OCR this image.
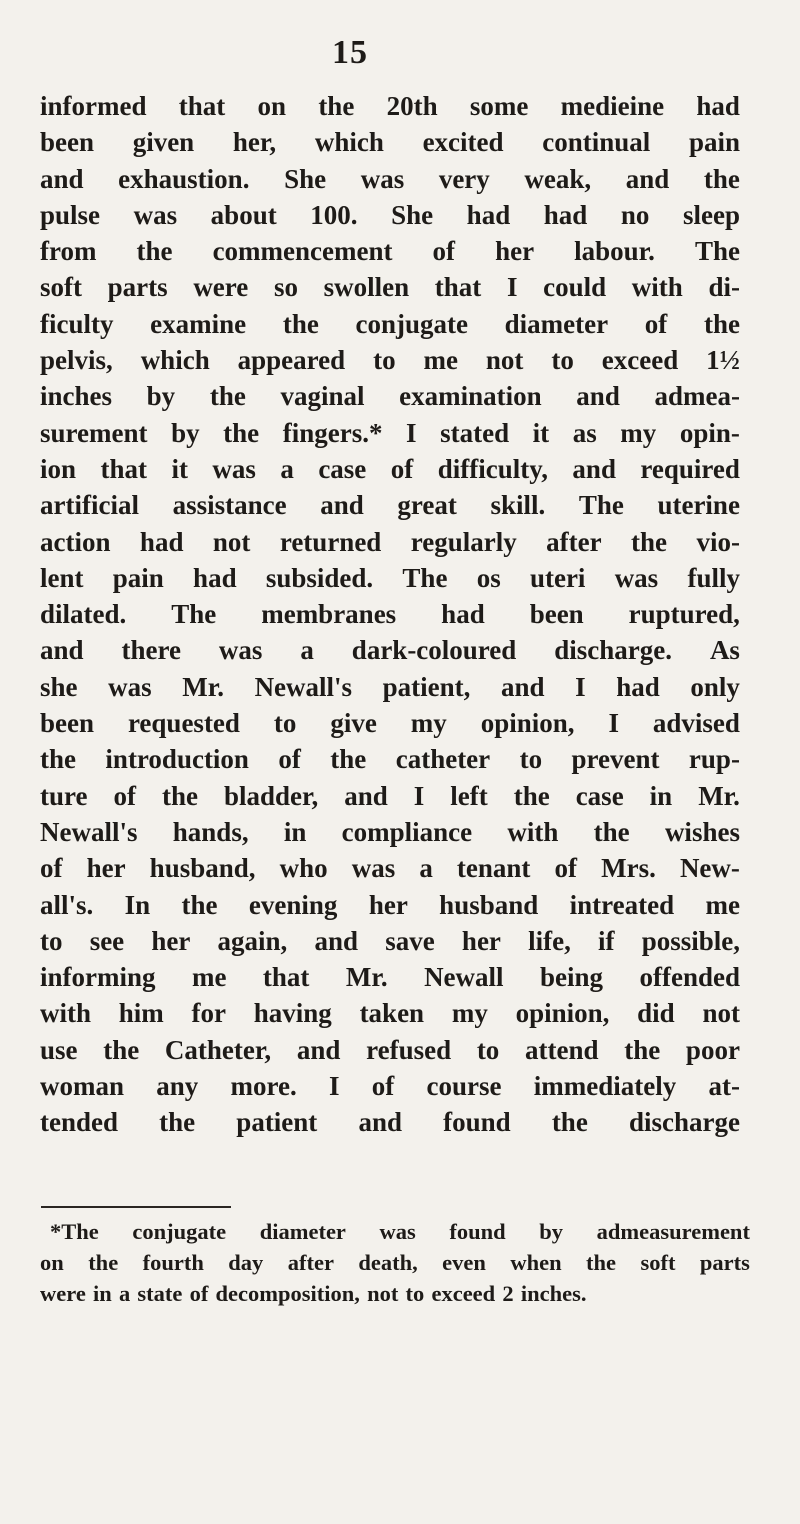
15
informed that on the 20th some medieine had
been given her, which excited continual pain
and exhaustion. She was very weak, and the
pulse was about 100. She had had no sleep
from the commencement of her labour. The
soft parts were so swollen that I could with di-
ficulty examine the conjugate diameter of the
pelvis, which appeared to me not to exceed 1½
inches by the vaginal examination and admea-
surement by the fingers.* I stated it as my opin-
ion that it was a case of difficulty, and required
artificial assistance and great skill. The uterine
action had not returned regularly after the vio-
lent pain had subsided. The os uteri was fully
dilated. The membranes had been ruptured,
and there was a dark-coloured discharge. As
she was Mr. Newall's patient, and I had only
been requested to give my opinion, I advised
the introduction of the catheter to prevent rup-
ture of the bladder, and I left the case in Mr.
Newall's hands, in compliance with the wishes
of her husband, who was a tenant of Mrs. New-
all's. In the evening her husband intreated me
to see her again, and save her life, if possible,
informing me that Mr. Newall being offended
with him for having taken my opinion, did not
use the Catheter, and refused to attend the poor
woman any more. I of course immediately at-
tended the patient and found the discharge
*The conjugate diameter was found by admeasurement
on the fourth day after death, even when the soft parts
were in a state of decomposition, not to exceed 2 inches.
